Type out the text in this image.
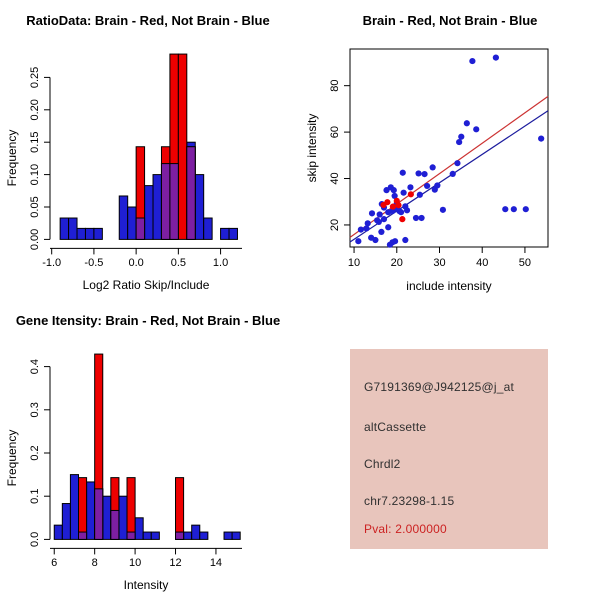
RatioData: Brain - Red, Not Brain - Blue
0.00
0.05
0.10
0.15
0.20
0.25
-1.0 -0.5 0.0 0.5 1.0
Log2 Ratio Skip/Include
Frequency
Brain - Red, Not Brain - Blue
10	20	30	40	50
20
40
60
80
include intensity
skip intensity
Gene Itensity: Brain - Red, Not Brain - Blue
0.0
0.1
0.2
0.3
0.4
6	8	10	12	14
Intensity
Frequency
G7191369@J942125@j_at
altCassette
Chrdl2
chr7.23298-1.15
Pval: 2.000000
